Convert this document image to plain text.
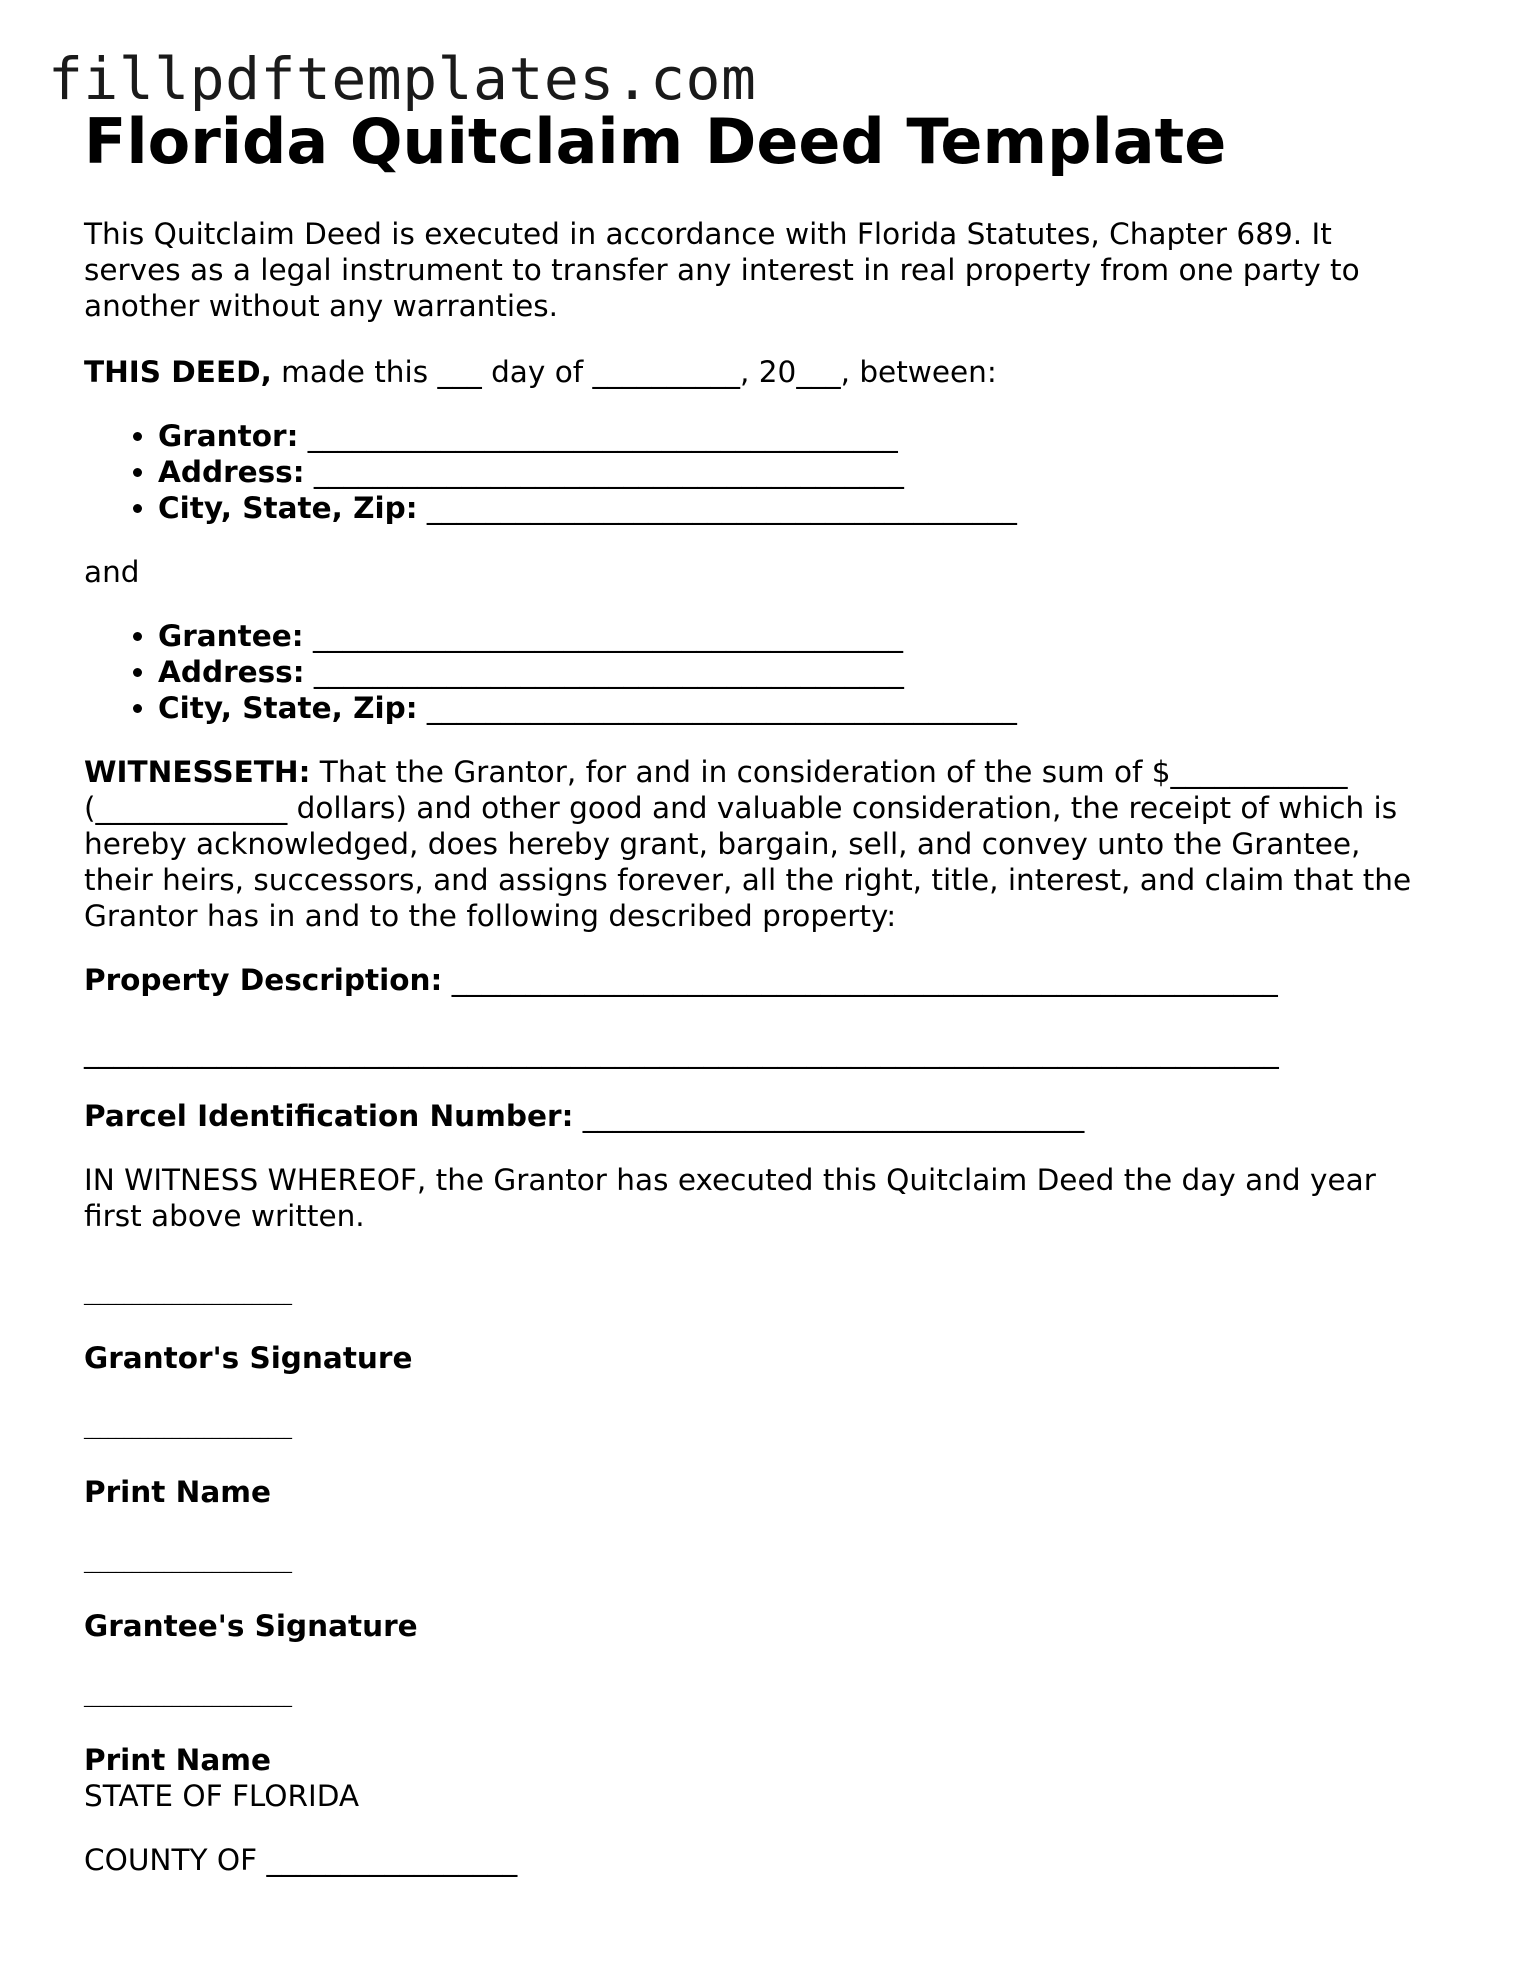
fillpdftemplates.com
Florida Quitclaim Deed Template

This Quitclaim Deed is executed in accordance with Florida Statutes, Chapter 689. It serves as a legal instrument to transfer any interest in real property from one party to another without any warranties.

THIS DEED, made this ___ day of __________, 20___, between:

• Grantor: ________________________________________
• Address: ________________________________________
• City, State, Zip: ________________________________________

and

• Grantee: ________________________________________
• Address: ________________________________________
• City, State, Zip: ________________________________________

WITNESSETH: That the Grantor, for and in consideration of the sum of $____________ (_____________ dollars) and other good and valuable consideration, the receipt of which is hereby acknowledged, does hereby grant, bargain, sell, and convey unto the Grantee, their heirs, successors, and assigns forever, all the right, title, interest, and claim that the Grantor has in and to the following described property:

Property Description: ________________________________________________________

_________________________________________________________________________________

Parcel Identification Number: __________________________________

IN WITNESS WHEREOF, the Grantor has executed this Quitclaim Deed the day and year first above written.

__________________________

Grantor's Signature

__________________________

Print Name

__________________________

Grantee's Signature

__________________________

Print Name

STATE OF FLORIDA

COUNTY OF _________________
